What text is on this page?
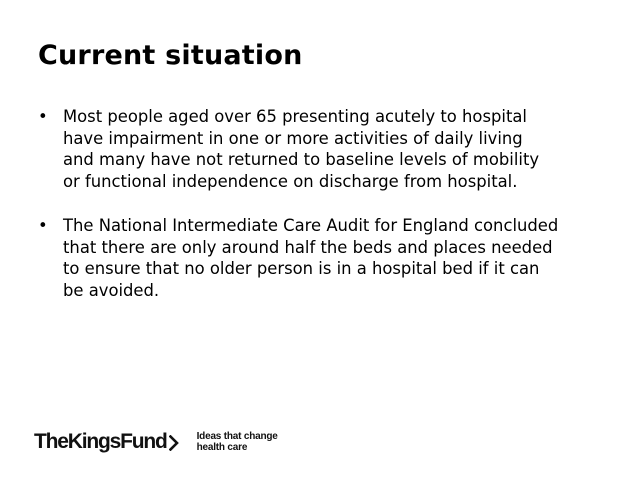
Current situation
• Most people aged over 65 presenting acutely to hospital
have impairment in one or more activities of daily living
and many have not returned to baseline levels of mobility
or functional independence on discharge from hospital.
• The National Intermediate Care Audit for England concluded
that there are only around half the beds and places needed
to ensure that no older person is in a hospital bed if it can
be avoided.
TheKingsFund	Ideas that change
health care
